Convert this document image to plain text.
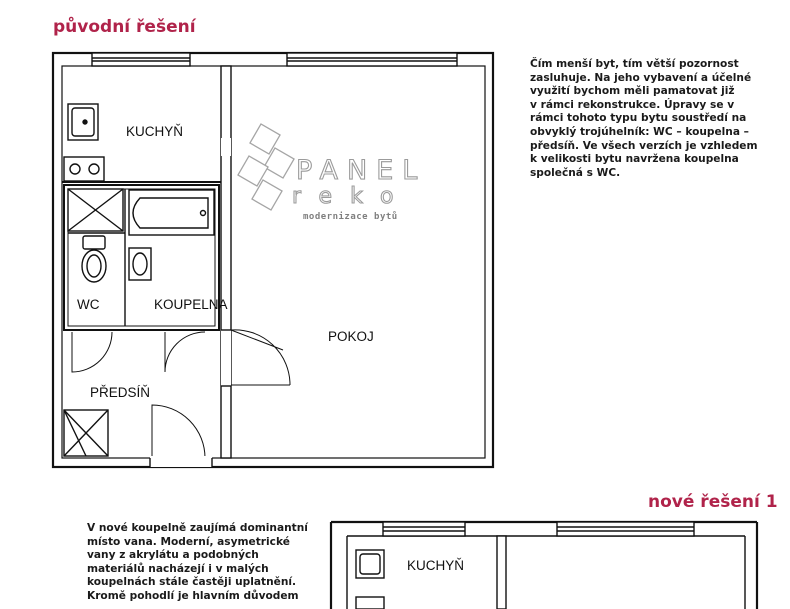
původní řešení
nové řešení 1
Čím menší byt, tím větší pozornost
zasluhuje. Na jeho vybavení a účelné
využití bychom měli pamatovat již
v rámci rekonstrukce. Úpravy se v
rámci tohoto typu bytu soustředí na
obvyklý trojúhelník: WC – koupelna –
předsíň. Ve všech verzích je vzhledem
k velikosti bytu navržena koupelna
společná s WC.
V nové koupelně zaujímá dominantní
místo vana. Moderní, asymetrické
vany z akrylátu a podobných
materiálů nacházejí i v malých
koupelnách stále častěji uplatnění.
Kromě pohodlí je hlavním důvodem
KUCHYŇ
WC	KOUPELNA
POKOJ
PŘEDSÍŇ
PANEL
reko
modernizace bytů
KUCHYŇ
